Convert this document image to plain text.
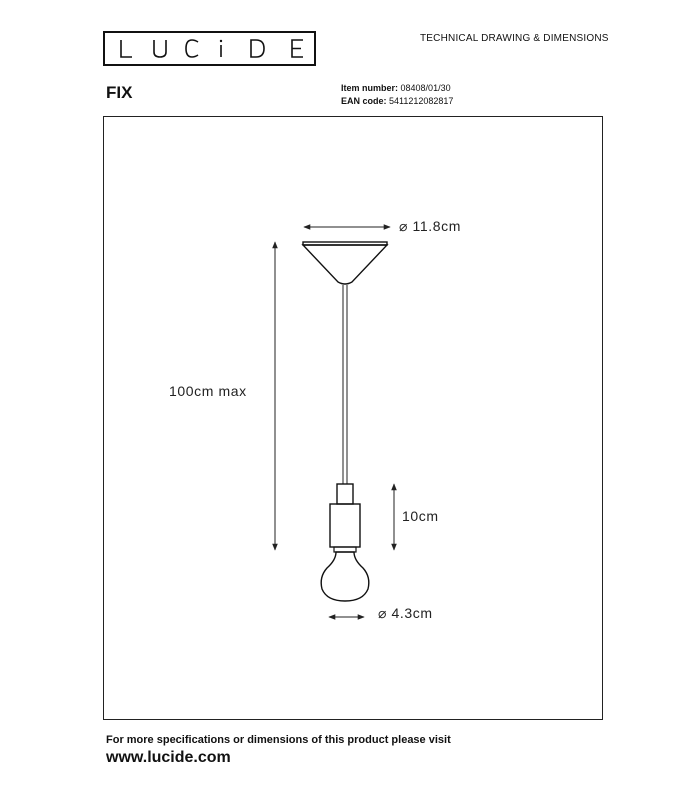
TECHNICAL DRAWING & DIMENSIONS
FIX	Item number: 08408/01/30
EAN code: 5411212082817
⌀ 11.8cm
100cm max
10cm
⌀ 4.3cm
For more specifications or dimensions of this product please visit
www.lucide.com
